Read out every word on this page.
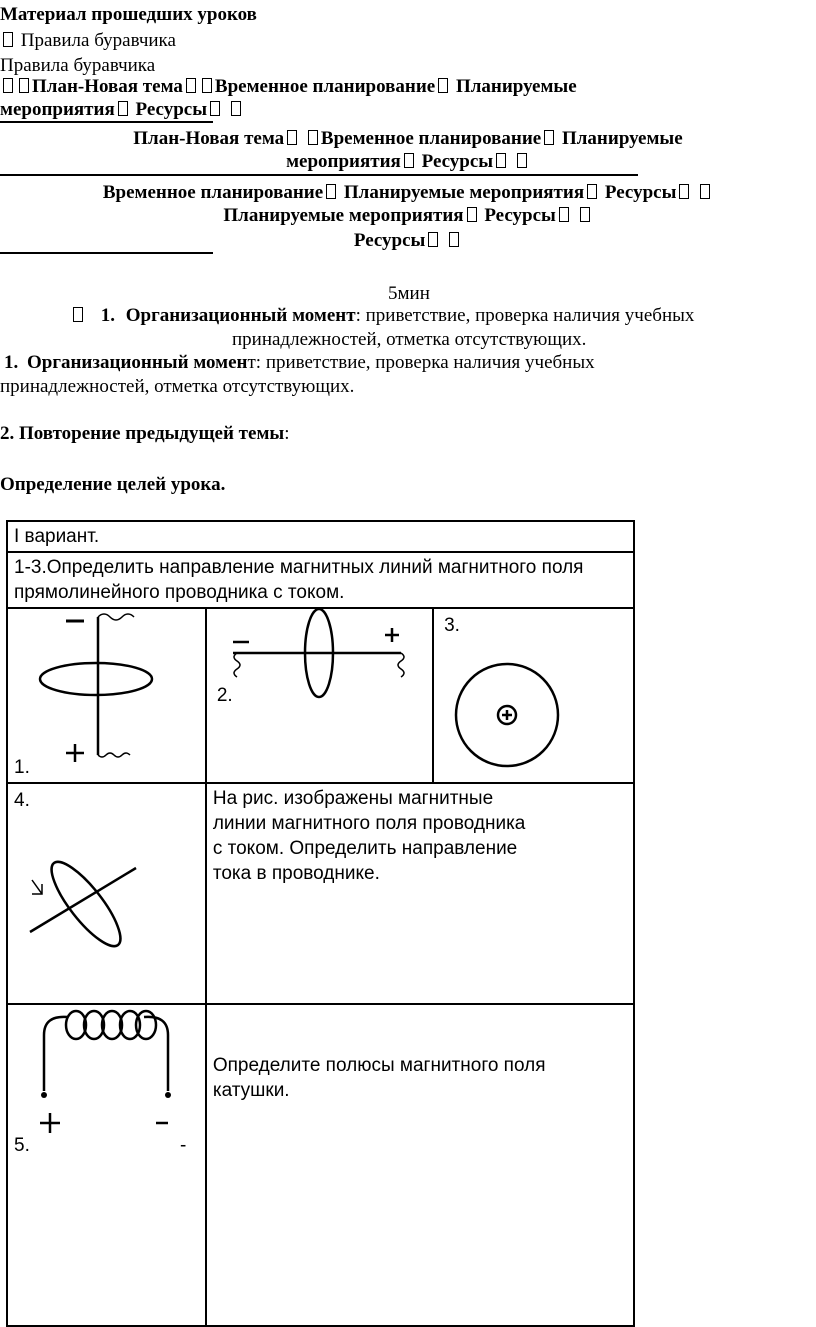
Материал прошедших уроков
Правила буравчика
Правила буравчика
План-Новая тема Временное планирование Планируемые
мероприятия Ресурсы
План-Новая тема Временное планирование Планируемые
мероприятия Ресурсы
Временное планирование Планируемые мероприятия Ресурсы
Планируемые мероприятия Ресурсы
Ресурсы
5мин
1. Организационный момент: приветствие, проверка наличия учебных
принадлежностей, отметка отсутствующих.
1. Организационный момент: приветствие, проверка наличия учебных
принадлежностей, отметка отсутствующих.
2. Повторение предыдущей темы:
Определение целей урока.
I вариант.		
1-3.Определить направление магнитных линий магнитного поля прямолинейного проводника с током.		

1.	2.	3.

4.	На рис. изображены магнитные линии магнитного поля проводника с током. Определить направление тока в проводнике.	

5. -	Определите полюсы магнитного поля катушки.	
